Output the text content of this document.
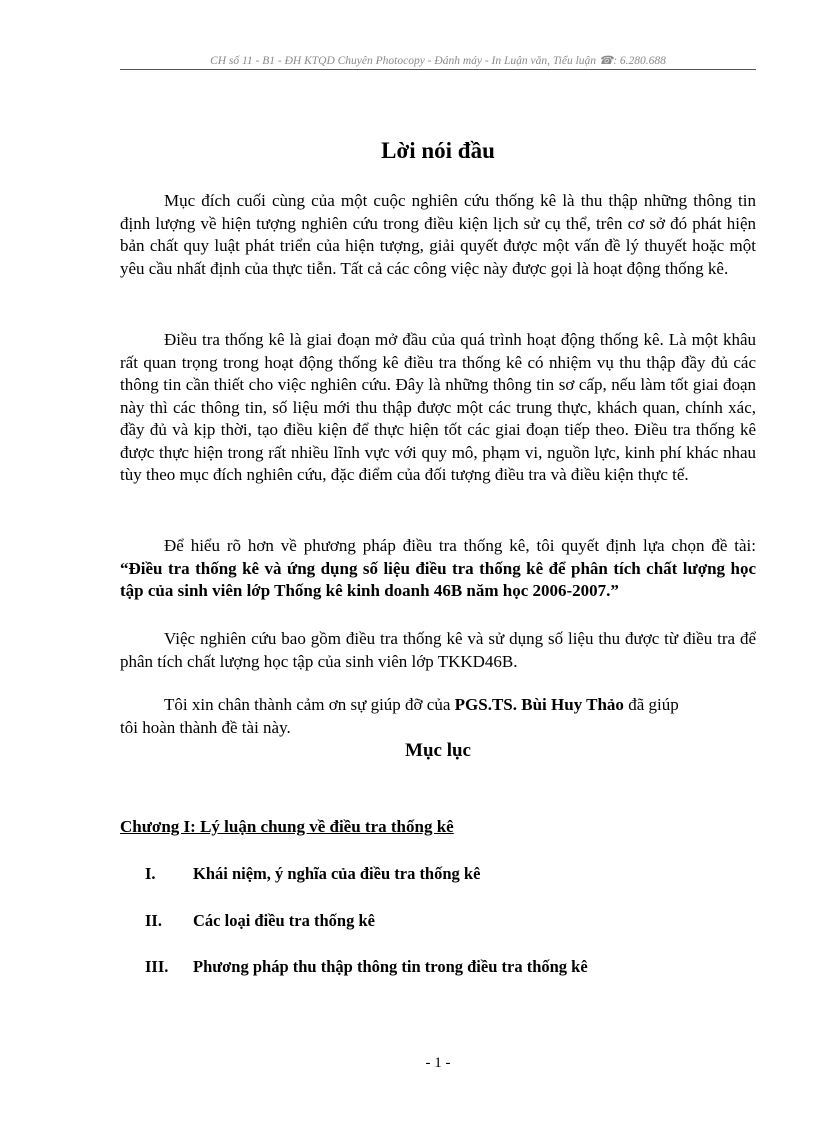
CH số 11 - B1 - ĐH KTQD Chuyên Photocopy - Đánh máy - In Luận văn, Tiểu luận ☎: 6.280.688
Lời nói đầu

Mục đích cuối cùng của một cuộc nghiên cứu thống kê là thu thập những thông tin định lượng về hiện tượng nghiên cứu trong điều kiện lịch sử cụ thể, trên cơ sở đó phát hiện bản chất quy luật phát triển của hiện tượng, giải quyết được một vấn đề lý thuyết hoặc một yêu cầu nhất định của thực tiễn. Tất cả các công việc này được gọi là hoạt động thống kê.

Điều tra thống kê là giai đoạn mở đầu của quá trình hoạt động thống kê. Là một khâu rất quan trọng trong hoạt động thống kê điều tra thống kê có nhiệm vụ thu thập đầy đủ các thông tin cần thiết cho việc nghiên cứu. Đây là những thông tin sơ cấp, nếu làm tốt giai đoạn này thì các thông tin, số liệu mới thu thập được một các trung thực, khách quan, chính xác, đầy đủ và kịp thời, tạo điều kiện để thực hiện tốt các giai đoạn tiếp theo. Điều tra thống kê được thực hiện trong rất nhiều lĩnh vực với quy mô, phạm vi, nguồn lực, kinh phí khác nhau tùy theo mục đích nghiên cứu, đặc điểm của đối tượng điều tra và điều kiện thực tế.

Để hiểu rõ hơn về phương pháp điều tra thống kê, tôi quyết định lựa chọn đề tài: “Điều tra thống kê và ứng dụng số liệu điều tra thống kê để phân tích chất lượng học tập của sinh viên lớp Thống kê kinh doanh 46B năm học 2006-2007.”

Việc nghiên cứu bao gồm điều tra thống kê và sử dụng số liệu thu được từ điều tra để phân tích chất lượng học tập của sinh viên lớp TKKD46B.

Tôi xin chân thành cảm ơn sự giúp đỡ của PGS.TS. Bùi Huy Thảo đã giúp
tôi hoàn thành đề tài này.

Mục lục
Chương I: Lý luận chung về điều tra thống kê
I. Khái niệm, ý nghĩa của điều tra thống kê
II. Các loại điều tra thống kê
III. Phương pháp thu thập thông tin trong điều tra thống kê
- 1 -
